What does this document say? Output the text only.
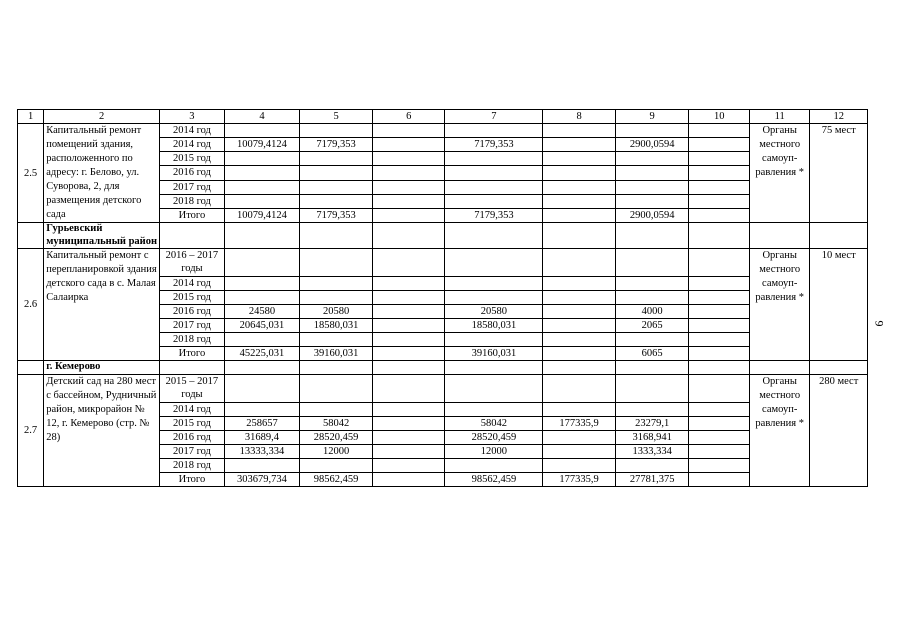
1	2	3	4	5	6	7	8	9	10	11	12
2.5	Капитальный ремонт помещений здания, расположенного по адресу: г. Белово, ул. Суворова, 2, для размещения детского сада	2014 год								Органы местного самоуп-равления *	75 мест
		2014 год	10079,4124	7179,353		7179,353		2900,0594			
		2015 год									
		2016 год									
		2017 год									
		2018 год									
		Итого	10079,4124	7179,353		7179,353		2900,0594			
	Гурьевский муниципальный район										
2.6	Капитальный ремонт с перепланировкой здания детского сада в с. Малая Салаирка	2016 – 2017 годы								Органы местного самоуп-равления *	10 мест
		2014 год									
		2015 год									
		2016 год	24580	20580		20580		4000			
		2017 год	20645,031	18580,031		18580,031		2065			
		2018 год									
		Итого	45225,031	39160,031		39160,031		6065			
	г. Кемерово										
2.7	Детский сад на 280 мест с бассейном, Рудничный район, микрорайон № 12, г. Кемерово (стр. № 28)	2015 – 2017 годы								Органы местного самоуп-равления *	280 мест
		2014 год									
		2015 год	258657	58042		58042	177335,9	23279,1			
		2016 год	31689,4	28520,459		28520,459		3168,941			
		2017 год	13333,334	12000		12000		1333,334			
		2018 год									
		Итого	303679,734	98562,459		98562,459	177335,9	27781,375			
9
